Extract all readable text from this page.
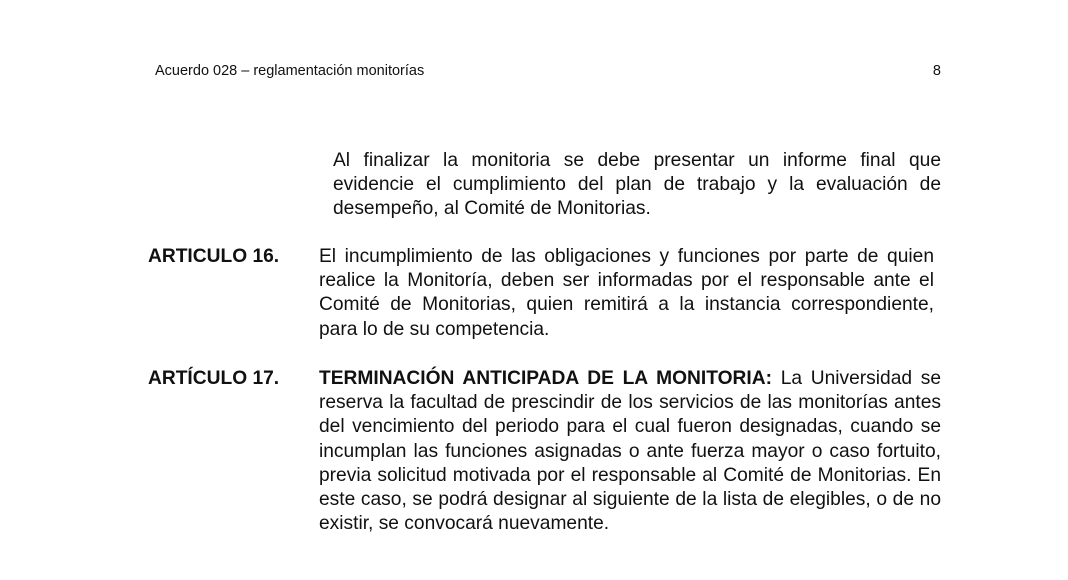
Acuerdo 028 – reglamentación monitorías	8
Al finalizar la monitoria se debe presentar un informe final que evidencie el cumplimiento del plan de trabajo y la evaluación de desempeño, al Comité de Monitorias.
ARTICULO 16. El incumplimiento de las obligaciones y funciones por parte de quien realice la Monitoría, deben ser informadas por el responsable ante el Comité de Monitorias, quien remitirá a la instancia correspondiente, para lo de su competencia.
ARTÍCULO 17. TERMINACIÓN ANTICIPADA DE LA MONITORIA: La Universidad se reserva la facultad de prescindir de los servicios de las monitorías antes del vencimiento del periodo para el cual fueron designadas, cuando se incumplan las funciones asignadas o ante fuerza mayor o caso fortuito, previa solicitud motivada por el responsable al Comité de Monitorias. En este caso, se podrá designar al siguiente de la lista de elegibles, o de no existir, se convocará nuevamente.
